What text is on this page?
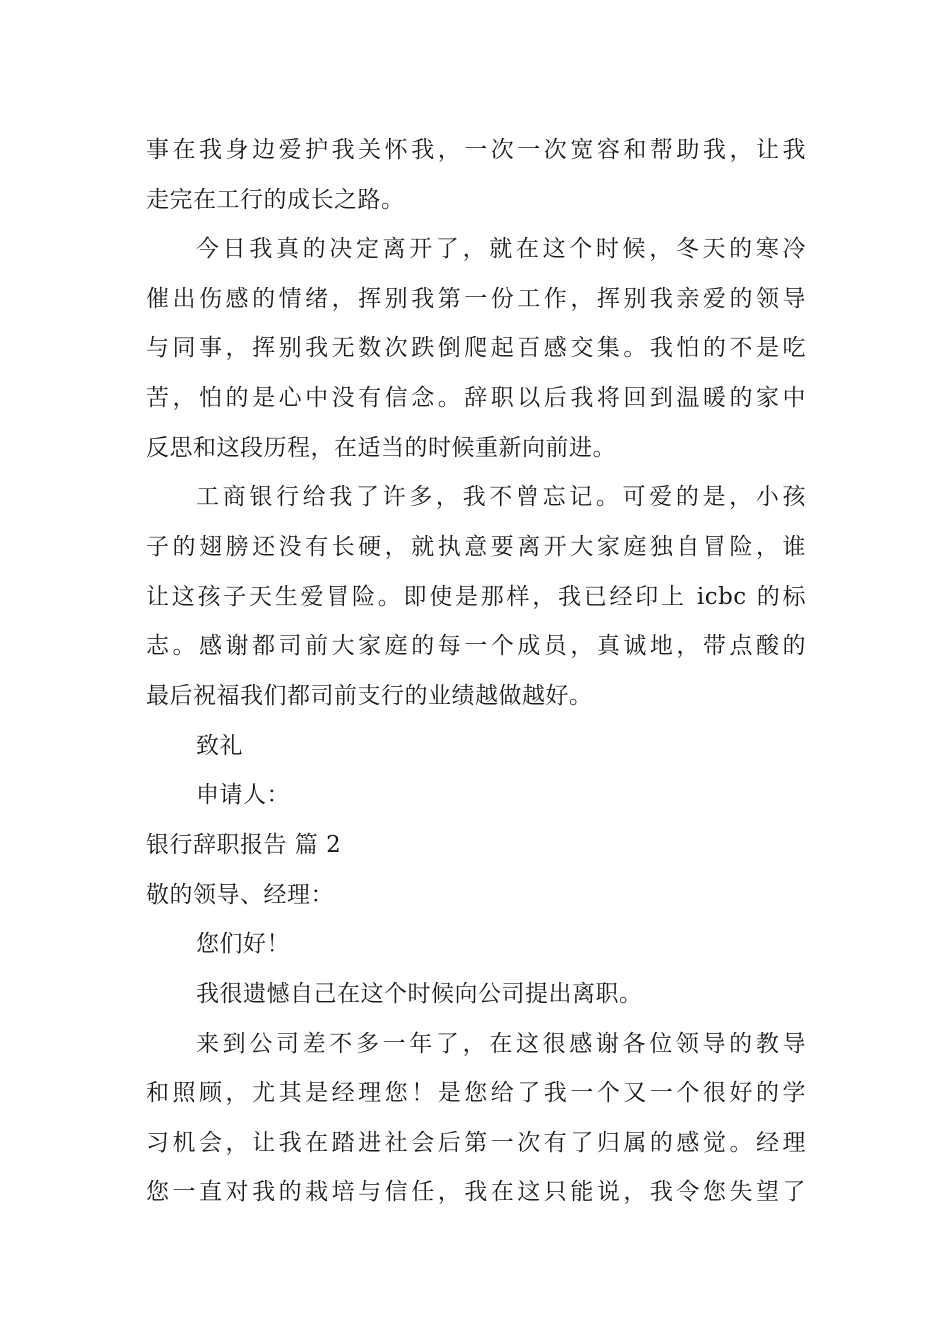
事在我身边爱护我关怀我，一次一次宽容和帮助我，让我
走完在工行的成长之路。
今日我真的决定离开了，就在这个时候，冬天的寒冷
催出伤感的情绪，挥别我第一份工作，挥别我亲爱的领导
与同事，挥别我无数次跌倒爬起百感交集。我怕的不是吃
苦，怕的是心中没有信念。辞职以后我将回到温暖的家中
反思和这段历程，在适当的时候重新向前进。
工商银行给我了许多，我不曾忘记。可爱的是，小孩
子的翅膀还没有长硬，就执意要离开大家庭独自冒险，谁
让这孩子天生爱冒险。即使是那样，我已经印上 icbc 的标
志。感谢都司前大家庭的每一个成员，真诚地，带点酸的
最后祝福我们都司前支行的业绩越做越好。
致礼
申请人：
银行辞职报告 篇 2
敬的领导、经理：
您们好！
我很遗憾自己在这个时候向公司提出离职。
来到公司差不多一年了，在这很感谢各位领导的教导
和照顾，尤其是经理您！是您给了我一个又一个很好的学
习机会，让我在踏进社会后第一次有了归属的感觉。经理
您一直对我的栽培与信任，我在这只能说，我令您失望了
